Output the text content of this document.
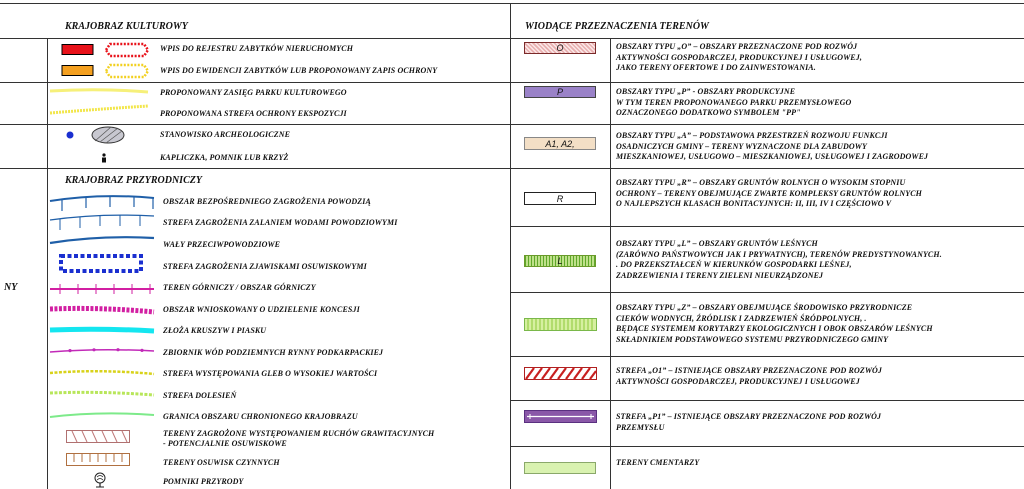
KRAJOBRAZ KULTUROWY
KRAJOBRAZ PRZYRODNICZY
WIODĄCE PRZEZNACZENIA TERENÓW
NY
WPIS DO REJESTRU ZABYTKÓW NIERUCHOMYCH
WPIS DO EWIDENCJI ZABYTKÓW LUB PROPONOWANY ZAPIS OCHRONY
PROPONOWANY ZASIĘG PARKU KULTUROWEGO
PROPONOWANA STREFA OCHRONY EKSPOZYCJI
STANOWISKO ARCHEOLOGICZNE
KAPLICZKA, POMNIK LUB KRZYŻ
OBSZAR BEZPOŚREDNIEGO ZAGROŻENIA POWODZIĄ
STREFA ZAGROŻENIA ZALANIEM WODAMI POWODZIOWYMI
WAŁY PRZECIWPOWODZIOWE
STREFA ZAGROŻENIA ZJAWISKAMI OSUWISKOWYMI
TEREN GÓRNICZY / OBSZAR GÓRNICZY
OBSZAR WNIOSKOWANY O UDZIELENIE KONCESJI
ZŁOŻA KRUSZYW I PIASKU
ZBIORNIK WÓD PODZIEMNYCH RYNNY PODKARPACKIEJ
STREFA WYSTĘPOWANIA GLEB O WYSOKIEJ WARTOŚCI
STREFA DOLESIEŃ
GRANICA OBSZARU CHRONIONEGO KRAJOBRAZU
TERENY ZAGROŻONE WYSTĘPOWANIEM RUCHÓW GRAWITACYJNYCH
- POTENCJALNIE OSUWISKOWE
TERENY OSUWISK CZYNNYCH
POMNIKI PRZYRODY
O
P
A1, A2,
R
L
OBSZARY TYPU „O” – OBSZARY PRZEZNACZONE POD ROZWÓJ
AKTYWNOŚCI GOSPODARCZEJ, PRODUKCYJNEJ I USŁUGOWEJ,
JAKO TERENY OFERTOWE I DO ZAINWESTOWANIA.
OBSZARY TYPU „P” - OBSZARY PRODUKCYJNE
W TYM TEREN PROPONOWANEGO PARKU PRZEMYSŁOWEGO
OZNACZONEGO DODATKOWO SYMBOLEM "PP"
OBSZARY TYPU „A” – PODSTAWOWA PRZESTRZEŃ ROZWOJU FUNKCJI
OSADNICZYCH GMINY – TERENY WYZNACZONE DLA ZABUDOWY
MIESZKANIOWEJ, USŁUGOWO – MIESZKANIOWEJ, USŁUGOWEJ I ZAGRODOWEJ
OBSZARY TYPU „R” – OBSZARY GRUNTÓW ROLNYCH O WYSOKIM STOPNIU
OCHRONY – TERENY OBEJMUJĄCE ZWARTE KOMPLEKSY GRUNTÓW ROLNYCH
O NAJLEPSZYCH KLASACH BONITACYJNYCH: II, III, IV I CZĘŚCIOWO V
OBSZARY TYPU „L” – OBSZARY GRUNTÓW LEŚNYCH
(ZARÓWNO PAŃSTWOWYCH JAK I PRYWATNYCH), TERENÓW PREDYSTYNOWANYCH.
. DO PRZEKSZTAŁCEŃ W KIERUNKÓW GOSPODARKI LEŚNEJ,
ZADRZEWIENIA I TERENY ZIELENI NIEURZĄDZONEJ
OBSZARY TYPU „Z” – OBSZARY OBEJMUJĄCE ŚRODOWISKO PRZYRODNICZE
CIEKÓW WODNYCH, ŹRÓDLISK I ZADRZEWIEŃ ŚRÓDPOLNYCH, .
BĘDĄCE SYSTEMEM KORYTARZY EKOLOGICZNYCH I OBOK OBSZARÓW LEŚNYCH
SKŁADNIKIEM PODSTAWOWEGO SYSTEMU PRZYRODNICZEGO GMINY
STREFA „O1” – ISTNIEJĄCE OBSZARY PRZEZNACZONE POD ROZWÓJ
AKTYWNOŚCI GOSPODARCZEJ, PRODUKCYJNEJ I USŁUGOWEJ
STREFA „P1” – ISTNIEJĄCE OBSZARY PRZEZNACZONE POD ROZWÓJ
PRZEMYSŁU
TERENY CMENTARZY
